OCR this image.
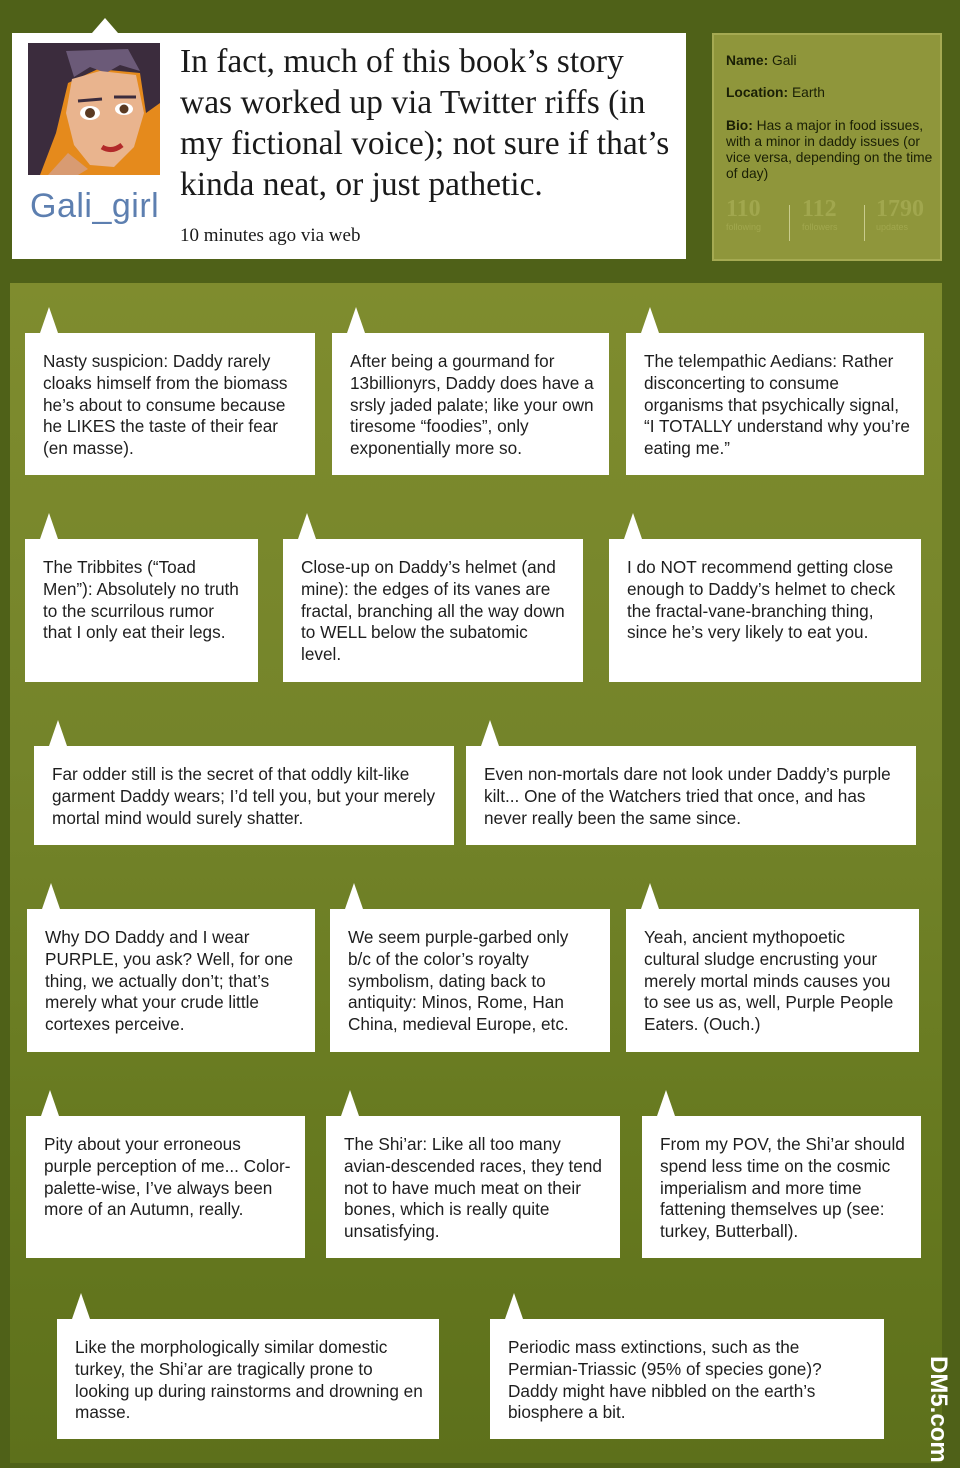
Gali_girl
In fact, much of this book’s story was worked up via Twitter riffs (in my fictional voice); not sure if that’s kinda neat, or just pathetic.
10 minutes ago via web
Name: Gali
Location: Earth
Bio: Has a major in food issues, with a minor in daddy issues (or vice versa, depending on the time of day)
110
following
112
followers
1790
updates
Nasty suspicion: Daddy rarely cloaks himself from the biomass he’s about to consume because he LIKES the taste of their fear (en masse).
After being a gourmand for 13billionyrs, Daddy does have a srsly jaded palate; like your own tiresome “foodies”, only exponentially more so.
The telempathic Aedians: Rather disconcerting to consume organisms that psychically signal, “I TOTALLY understand why you’re eating me.”
The Tribbites (“Toad Men”): Absolutely no truth to the scurrilous rumor that I only eat their legs.
Close-up on Daddy’s helmet (and mine): the edges of its vanes are fractal, branching all the way down to WELL below the subatomic level.
I do NOT recommend getting close enough to Daddy’s helmet to check the fractal-vane-branching thing, since he’s very likely to eat you.
Far odder still is the secret of that oddly kilt-like garment Daddy wears; I’d tell you, but your merely mortal mind would surely shatter.
Even non-mortals dare not look under Daddy’s purple kilt... One of the Watchers tried that once, and has never really been the same since.
Why DO Daddy and I wear PURPLE, you ask? Well, for one thing, we actually don’t; that’s merely what your crude little cortexes perceive.
We seem purple-garbed only b/c of the color’s royalty symbolism, dating back to antiquity: Minos, Rome, Han China, medieval Europe, etc.
Yeah, ancient mythopoetic cultural sludge encrusting your merely mortal minds causes you to see us as, well, Purple People Eaters. (Ouch.)
Pity about your erroneous purple perception of me... Color-palette-wise, I’ve always been more of an Autumn, really.
The Shi’ar: Like all too many avian-descended races, they tend not to have much meat on their bones, which is really quite unsatisfying.
From my POV, the Shi’ar should spend less time on the cosmic imperialism and more time fattening themselves up (see: turkey, Butterball).
Like the morphologically similar domestic turkey, the Shi’ar are tragically prone to looking up during rainstorms and drowning en masse.
Periodic mass extinctions, such as the Permian-Triassic (95% of species gone)? Daddy might have nibbled on the earth’s biosphere a bit.	DM5.com
